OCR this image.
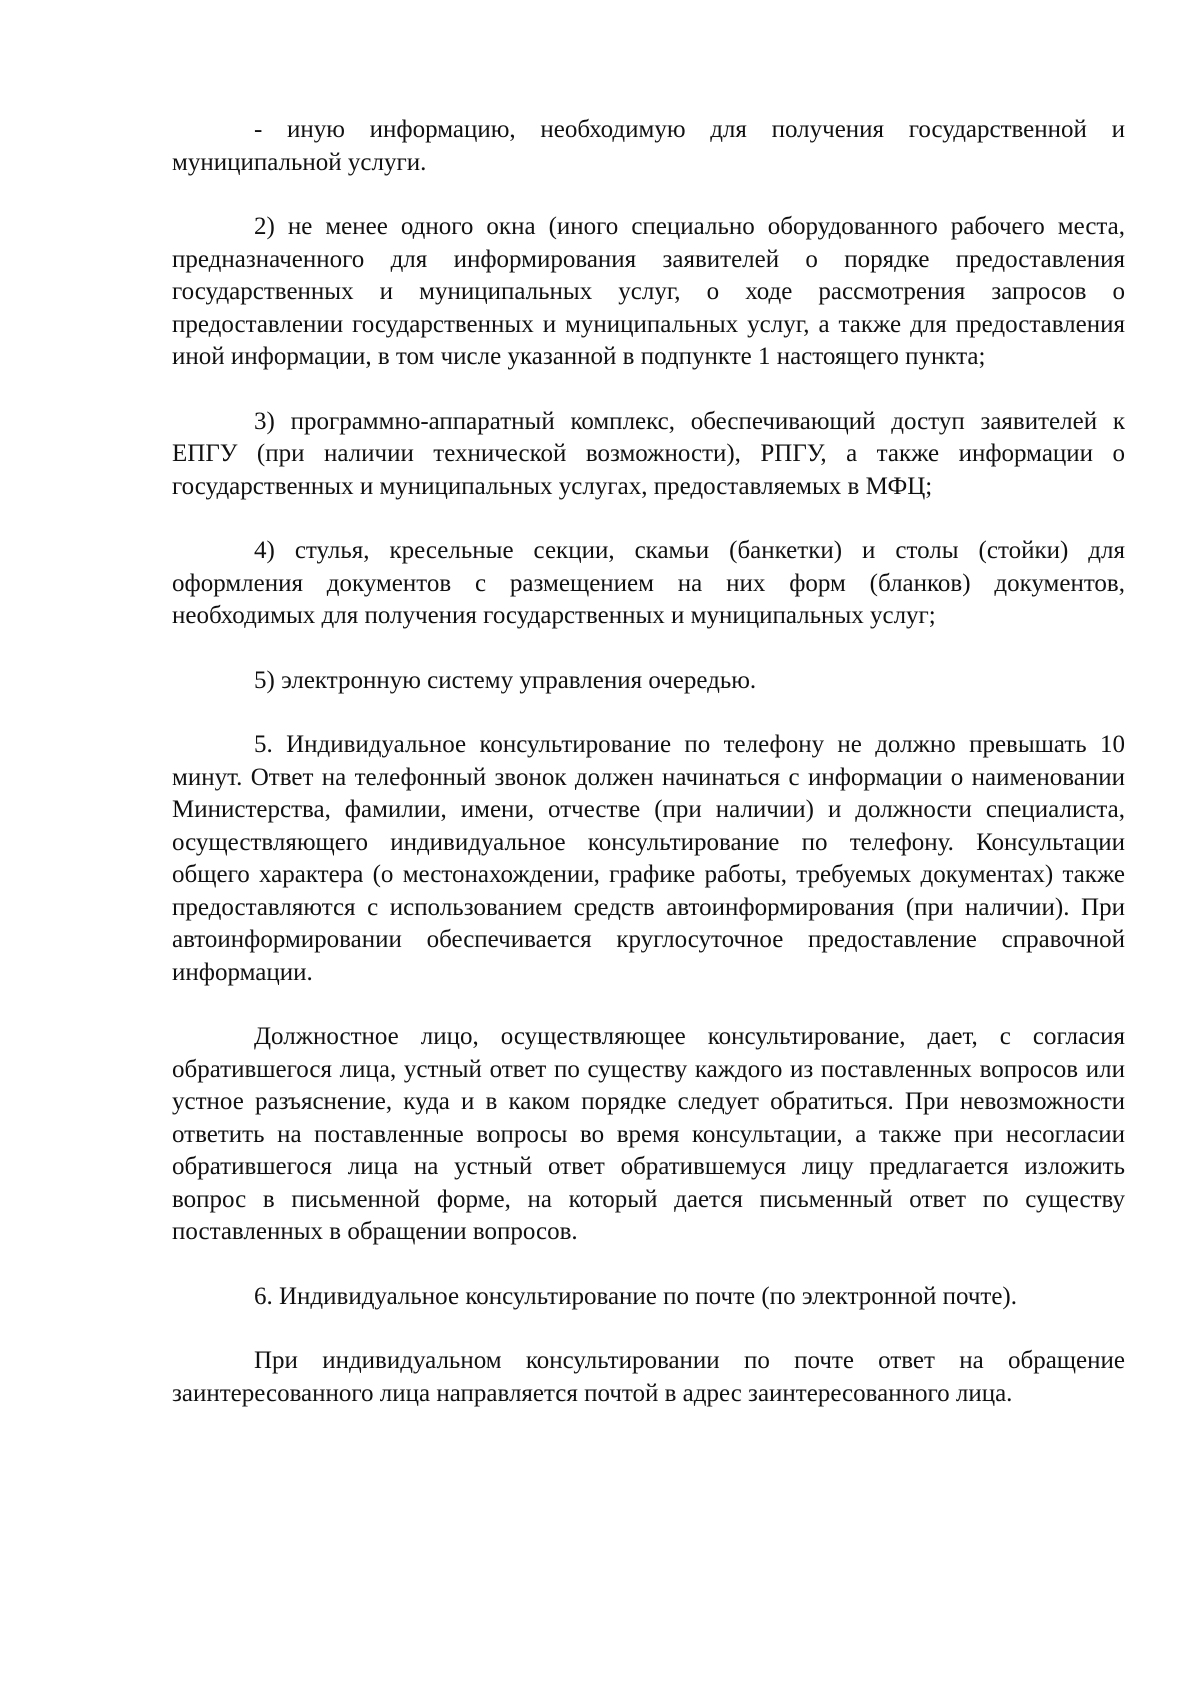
- иную информацию, необходимую для получения государственной и муниципальной услуги.

2) не менее одного окна (иного специально оборудованного рабочего места, предназначенного для информирования заявителей о порядке предоставления государственных и муниципальных услуг, о ходе рассмотрения запросов о предоставлении государственных и муниципальных услуг, а также для предоставления иной информации, в том числе указанной в подпункте 1 настоящего пункта;

3) программно-аппаратный комплекс, обеспечивающий доступ заявителей к ЕПГУ (при наличии технической возможности), РПГУ, а также информации о государственных и муниципальных услугах, предоставляемых в МФЦ;

4) стулья, кресельные секции, скамьи (банкетки) и столы (стойки) для оформления документов с размещением на них форм (бланков) документов, необходимых для получения государственных и муниципальных услуг;

5) электронную систему управления очередью.

5. Индивидуальное консультирование по телефону не должно превышать 10 минут. Ответ на телефонный звонок должен начинаться с информации о наименовании Министерства, фамилии, имени, отчестве (при наличии) и должности специалиста, осуществляющего индивидуальное консультирование по телефону. Консультации общего характера (о местонахождении, графике работы, требуемых документах) также предоставляются с использованием средств автоинформирования (при наличии). При автоинформировании обеспечивается круглосуточное предоставление справочной информации.

Должностное лицо, осуществляющее консультирование, дает, с согласия обратившегося лица, устный ответ по существу каждого из поставленных вопросов или устное разъяснение, куда и в каком порядке следует обратиться. При невозможности ответить на поставленные вопросы во время консультации, а также при несогласии обратившегося лица на устный ответ обратившемуся лицу предлагается изложить вопрос в письменной форме, на который дается письменный ответ по существу поставленных в обращении вопросов.

6. Индивидуальное консультирование по почте (по электронной почте).

При индивидуальном консультировании по почте ответ на обращение заинтересованного лица направляется почтой в адрес заинтересованного лица.
